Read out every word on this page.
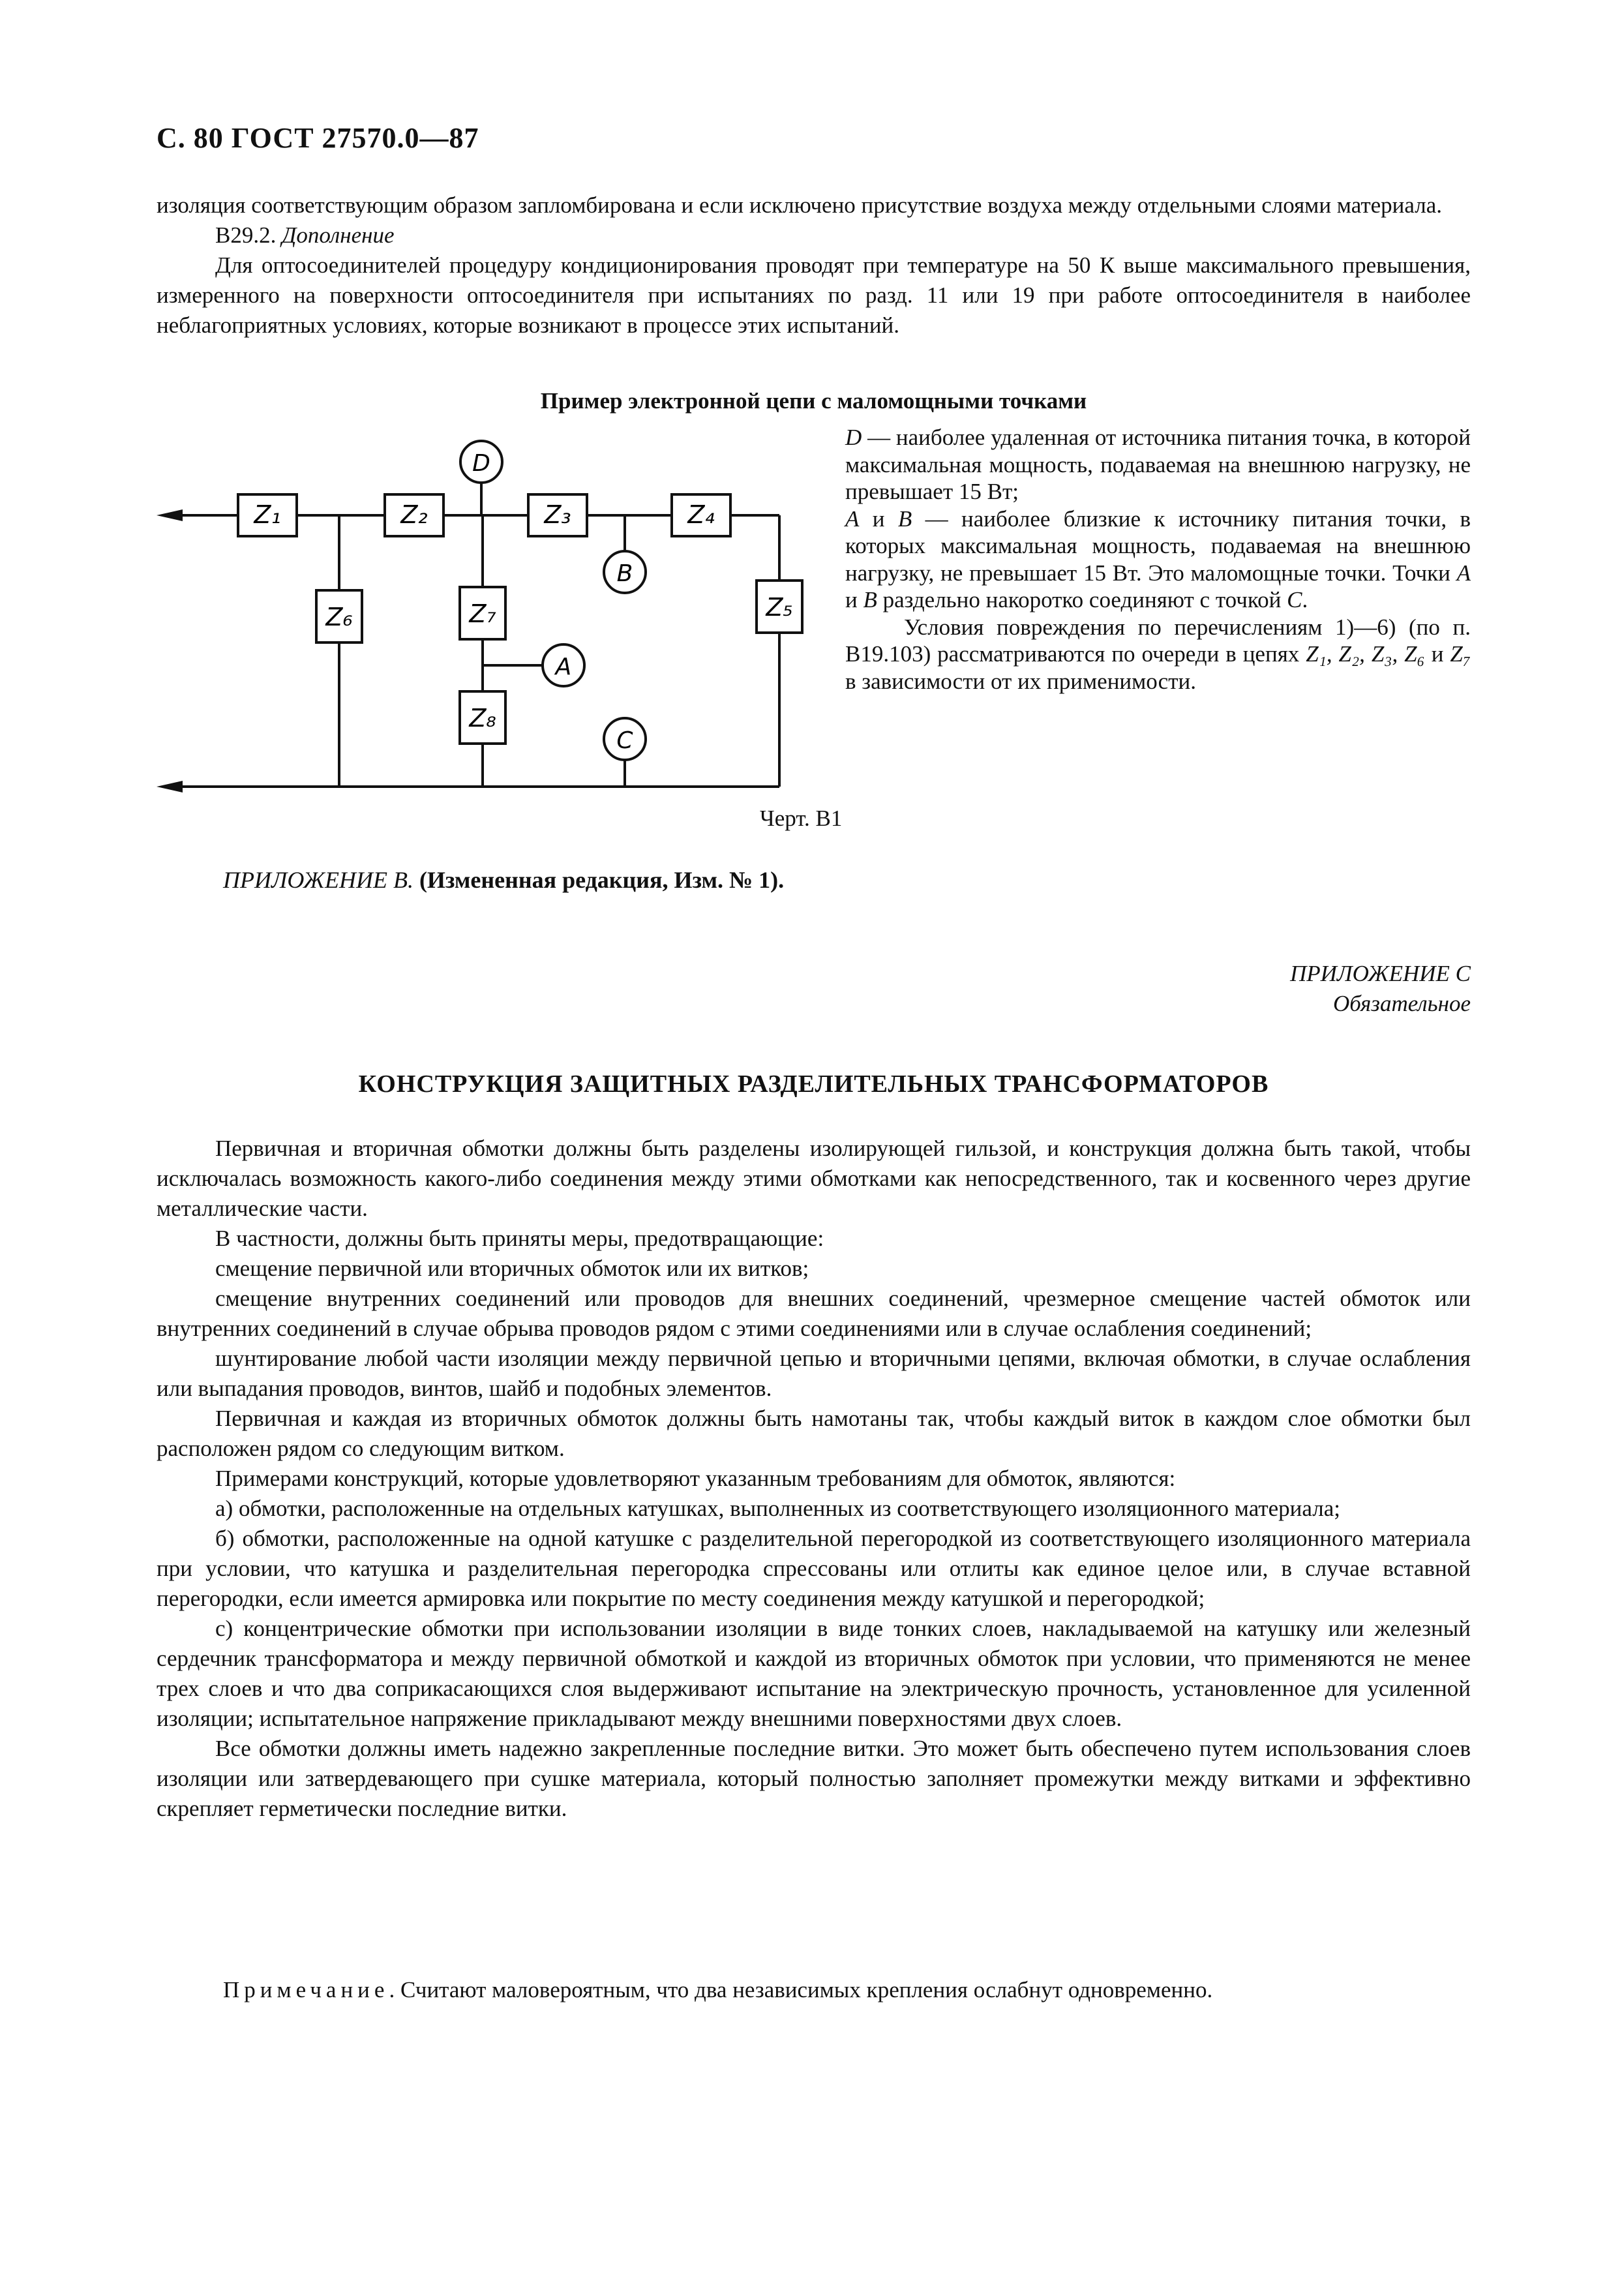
С. 80 ГОСТ 27570.0—87

изоляция соответствующим образом запломбирована и если исключено присутствие воздуха между отдельными слоями материала.

В29.2. Дополнение

Для оптосоединителей процедуру кондиционирования проводят при температуре на 50 К выше максимального превышения, измеренного на поверхности оптосоединителя при испытаниях по разд. 11 или 19 при работе оптосоединителя в наиболее неблагоприятных условиях, которые возникают в процессе этих испытаний.

Пример электронной цепи с маломощными точками
Z₁	Z₂	Z₃	Z₄
Z₅
Z₆	Z₇
Z₈
D
B
A
C

D — наиболее удаленная от источника питания точка, в которой максимальная мощность, подаваемая на внешнюю нагрузку, не превышает 15 Вт;

A и B — наиболее близкие к источнику питания точки, в которых максимальная мощность, подаваемая на внешнюю нагрузку, не превышает 15 Вт. Это маломощные точки. Точки A и B раздельно накоротко соединяют с точкой C.

Условия повреждения по перечислениям 1)—6) (по п. В19.103) рассматриваются по очереди в цепях Z₁, Z₂, Z₃, Z₆ и Z₇ в зависимости от их применимости.

Черт. В1
ПРИЛОЖЕНИЕ В. (Измененная редакция, Изм. № 1).
ПРИЛОЖЕНИЕ С
Обязательное
КОНСТРУКЦИЯ ЗАЩИТНЫХ РАЗДЕЛИТЕЛЬНЫХ ТРАНСФОРМАТОРОВ

Первичная и вторичная обмотки должны быть разделены изолирующей гильзой, и конструкция должна быть такой, чтобы исключалась возможность какого-либо соединения между этими обмотками как непосредственного, так и косвенного через другие металлические части.

В частности, должны быть приняты меры, предотвращающие:

смещение первичной или вторичных обмоток или их витков;

смещение внутренних соединений или проводов для внешних соединений, чрезмерное смещение частей обмоток или внутренних соединений в случае обрыва проводов рядом с этими соединениями или в случае ослабления соединений;

шунтирование любой части изоляции между первичной цепью и вторичными цепями, включая обмотки, в случае ослабления или выпадания проводов, винтов, шайб и подобных элементов.

Первичная и каждая из вторичных обмоток должны быть намотаны так, чтобы каждый виток в каждом слое обмотки был расположен рядом со следующим витком.

Примерами конструкций, которые удовлетворяют указанным требованиям для обмоток, являются:

а) обмотки, расположенные на отдельных катушках, выполненных из соответствующего изоляционного материала;

б) обмотки, расположенные на одной катушке с разделительной перегородкой из соответствующего изоляционного материала при условии, что катушка и разделительная перегородка спрессованы или отлиты как единое целое или, в случае вставной перегородки, если имеется армировка или покрытие по месту соединения между катушкой и перегородкой;

с) концентрические обмотки при использовании изоляции в виде тонких слоев, накладываемой на катушку или железный сердечник трансформатора и между первичной обмоткой и каждой из вторичных обмоток при условии, что применяются не менее трех слоев и что два соприкасающихся слоя выдерживают испытание на электрическую прочность, установленное для усиленной изоляции; испытательное напряжение прикладывают между внешними поверхностями двух слоев.

Все обмотки должны иметь надежно закрепленные последние витки. Это может быть обеспечено путем использования слоев изоляции или затвердевающего при сушке материала, который полностью заполняет промежутки между витками и эффективно скрепляет герметически последние витки.

Примечание. Считают маловероятным, что два независимых крепления ослабнут одновременно.
